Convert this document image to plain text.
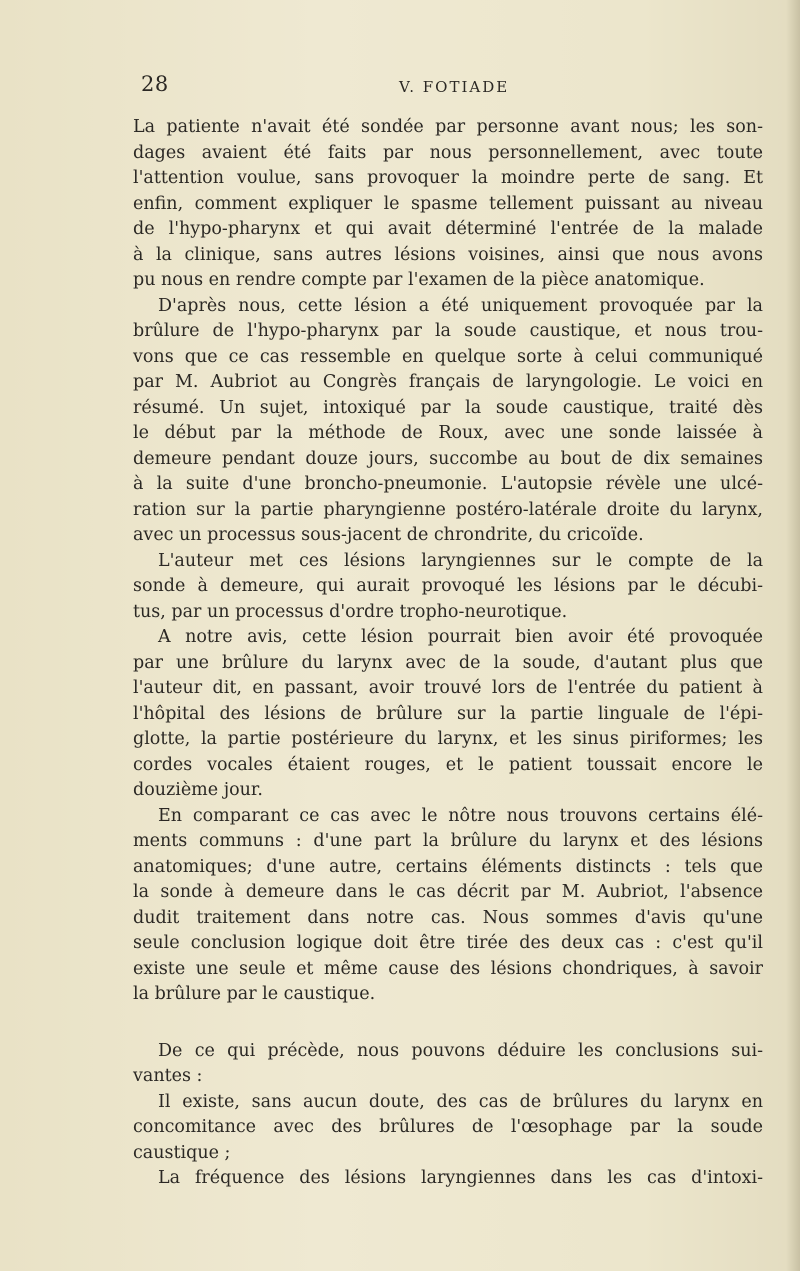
28	V. FOTIADE
La patiente n'avait été sondée par personne avant nous; les son-
dages avaient été faits par nous personnellement, avec toute
l'attention voulue, sans provoquer la moindre perte de sang. Et
enfin, comment expliquer le spasme tellement puissant au niveau
de l'hypo-pharynx et qui avait déterminé l'entrée de la malade
à la clinique, sans autres lésions voisines, ainsi que nous avons
pu nous en rendre compte par l'examen de la pièce anatomique.
D'après nous, cette lésion a été uniquement provoquée par la
brûlure de l'hypo-pharynx par la soude caustique, et nous trou-
vons que ce cas ressemble en quelque sorte à celui communiqué
par M. Aubriot au Congrès français de laryngologie. Le voici en
résumé. Un sujet, intoxiqué par la soude caustique, traité dès
le début par la méthode de Roux, avec une sonde laissée à
demeure pendant douze jours, succombe au bout de dix semaines
à la suite d'une broncho-pneumonie. L'autopsie révèle une ulcé-
ration sur la partie pharyngienne postéro-latérale droite du larynx,
avec un processus sous-jacent de chrondrite, du cricoïde.
L'auteur met ces lésions laryngiennes sur le compte de la
sonde à demeure, qui aurait provoqué les lésions par le décubi-
tus, par un processus d'ordre tropho-neurotique.
A notre avis, cette lésion pourrait bien avoir été provoquée
par une brûlure du larynx avec de la soude, d'autant plus que
l'auteur dit, en passant, avoir trouvé lors de l'entrée du patient à
l'hôpital des lésions de brûlure sur la partie linguale de l'épi-
glotte, la partie postérieure du larynx, et les sinus piriformes; les
cordes vocales étaient rouges, et le patient toussait encore le
douzième jour.
En comparant ce cas avec le nôtre nous trouvons certains élé-
ments communs : d'une part la brûlure du larynx et des lésions
anatomiques; d'une autre, certains éléments distincts : tels que
la sonde à demeure dans le cas décrit par M. Aubriot, l'absence
dudit traitement dans notre cas. Nous sommes d'avis qu'une
seule conclusion logique doit être tirée des deux cas : c'est qu'il
existe une seule et même cause des lésions chondriques, à savoir
la brûlure par le caustique.
De ce qui précède, nous pouvons déduire les conclusions sui-
vantes :
Il existe, sans aucun doute, des cas de brûlures du larynx en
concomitance avec des brûlures de l'œsophage par la soude
caustique ;
La fréquence des lésions laryngiennes dans les cas d'intoxi-
